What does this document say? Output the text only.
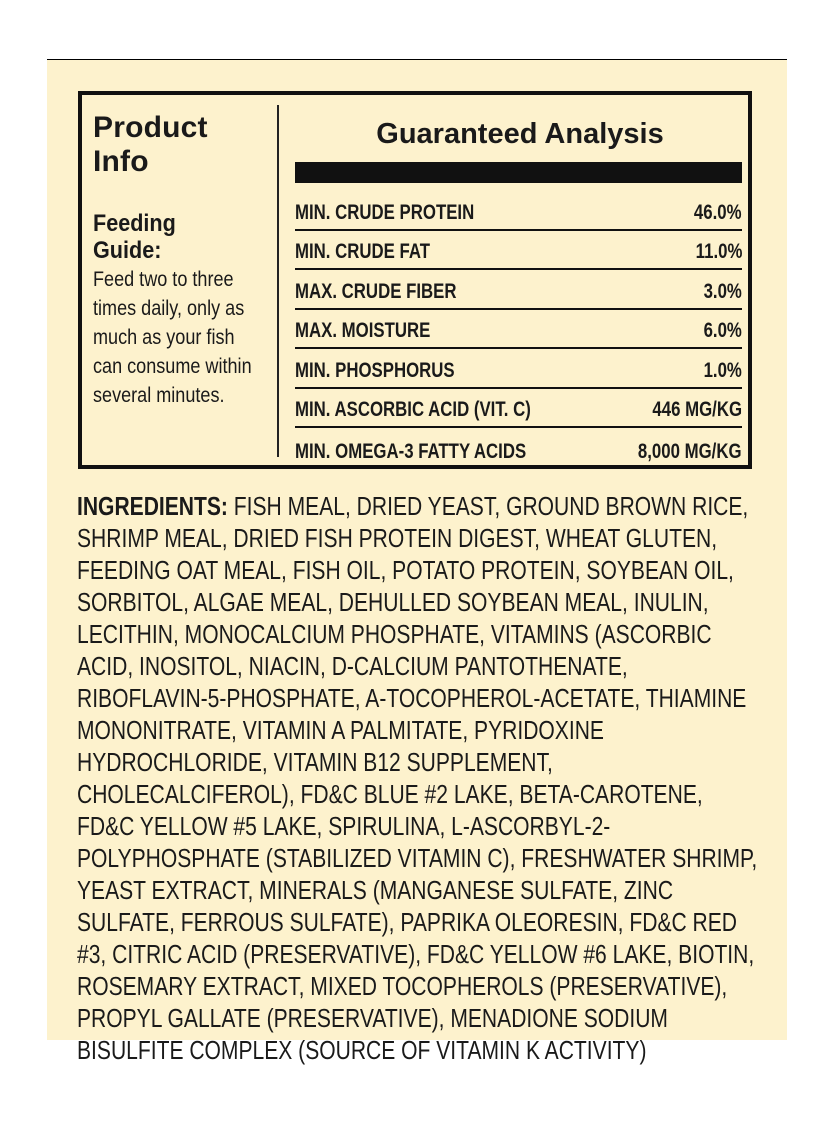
Product
Info
Feeding
Guide:
Feed two to three times daily, only as much as your fish can consume within several minutes.
Guaranteed Analysis
MIN. CRUDE PROTEIN	46.0%
MIN. CRUDE FAT	11.0%
MAX. CRUDE FIBER	3.0%
MAX. MOISTURE	6.0%
MIN. PHOSPHORUS	1.0%
MIN. ASCORBIC ACID (VIT. C)	446 MG/KG
MIN. OMEGA-3 FATTY ACIDS	8,000 MG/KG

INGREDIENTS: FISH MEAL, DRIED YEAST, GROUND BROWN RICE, SHRIMP MEAL, DRIED FISH PROTEIN DIGEST, WHEAT GLUTEN, FEEDING OAT MEAL, FISH OIL, POTATO PROTEIN, SOYBEAN OIL, SORBITOL, ALGAE MEAL, DEHULLED SOYBEAN MEAL, INULIN, LECITHIN, MONOCALCIUM PHOSPHATE, VITAMINS (ASCORBIC ACID, INOSITOL, NIACIN, D-CALCIUM PANTOTHENATE, RIBOFLAVIN-5-PHOSPHATE, A-TOCOPHEROL-ACETATE, THIAMINE MONONITRATE, VITAMIN A PALMITATE, PYRIDOXINE HYDROCHLORIDE, VITAMIN B12 SUPPLEMENT, CHOLECALCIFEROL), FD&C BLUE #2 LAKE, BETA-CAROTENE, FD&C YELLOW #5 LAKE, SPIRULINA, L-ASCORBYL-2-POLYPHOSPHATE (STABILIZED VITAMIN C), FRESHWATER SHRIMP, YEAST EXTRACT, MINERALS (MANGANESE SULFATE, ZINC SULFATE, FERROUS SULFATE), PAPRIKA OLEORESIN, FD&C RED #3, CITRIC ACID (PRESERVATIVE), FD&C YELLOW #6 LAKE, BIOTIN, ROSEMARY EXTRACT, MIXED TOCOPHEROLS (PRESERVATIVE), PROPYL GALLATE (PRESERVATIVE), MENADIONE SODIUM BISULFITE COMPLEX (SOURCE OF VITAMIN K ACTIVITY)
